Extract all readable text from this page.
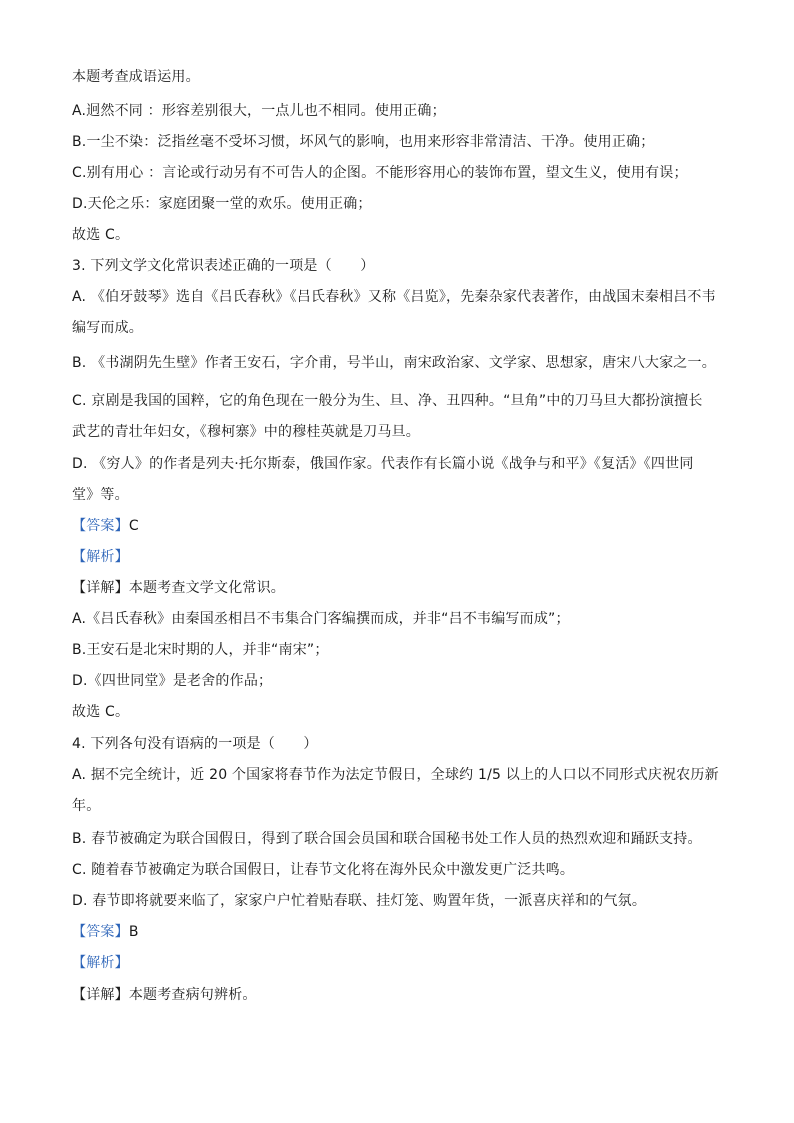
本题考查成语运用。
A.迥然不同 ：形容差别很大，一点儿也不相同。使用正确；
B.一尘不染：泛指丝毫不受坏习惯，坏风气的影响，也用来形容非常清洁、干净。使用正确；
C.别有用心 ：言论或行动另有不可告人的企图。不能形容用心的装饰布置，望文生义，使用有误；
D.天伦之乐：家庭团聚一堂的欢乐。使用正确；
故选 C。
3. 下列文学文化常识表述正确的一项是（　　）
A. 《伯牙鼓琴》选自《吕氏春秋》《吕氏春秋》又称《吕览》，先秦杂家代表著作，由战国末秦相吕不韦
编写而成。
B. 《书湖阴先生壁》作者王安石，字介甫，号半山，南宋政治家、文学家、思想家，唐宋八大家之一。
C. 京剧是我国的国粹，它的角色现在一般分为生、旦、净、丑四种。“旦角”中的刀马旦大都扮演擅长
武艺的青壮年妇女，《穆柯寨》中的穆桂英就是刀马旦。
D. 《穷人》的作者是列夫·托尔斯泰，俄国作家。代表作有长篇小说《战争与和平》《复活》《四世同
堂》等。
【答案】C
【解析】
【详解】本题考查文学文化常识。
A.《吕氏春秋》由秦国丞相吕不韦集合门客编撰而成，并非“吕不韦编写而成”；
B.王安石是北宋时期的人，并非“南宋”；
D.《四世同堂》是老舍的作品；
故选 C。
4. 下列各句没有语病的一项是（　　）
A. 据不完全统计，近 20 个国家将春节作为法定节假日，全球约 1/5 以上的人口以不同形式庆祝农历新
年。
B. 春节被确定为联合国假日，得到了联合国会员国和联合国秘书处工作人员的热烈欢迎和踊跃支持。
C. 随着春节被确定为联合国假日，让春节文化将在海外民众中激发更广泛共鸣。
D. 春节即将就要来临了，家家户户忙着贴春联、挂灯笼、购置年货，一派喜庆祥和的气氛。
【答案】B
【解析】
【详解】本题考查病句辨析。
